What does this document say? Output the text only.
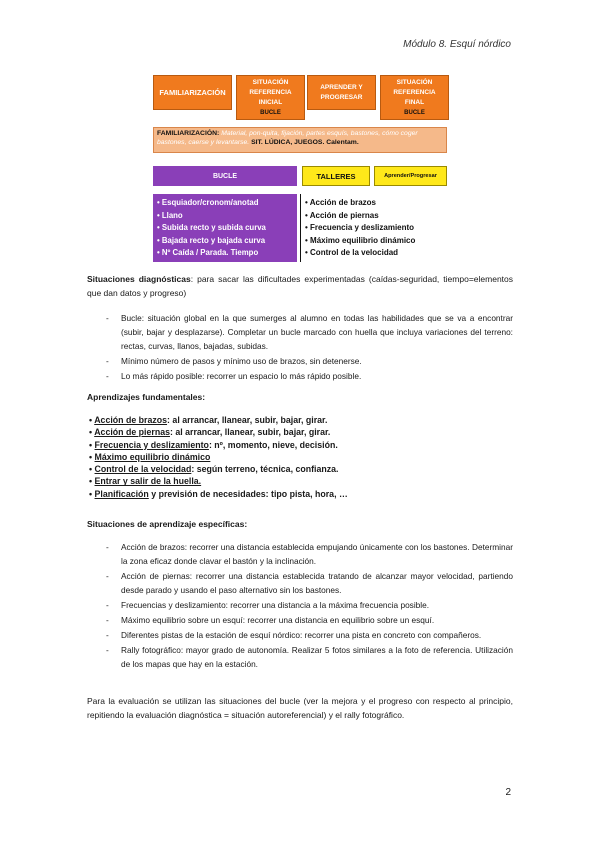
Módulo 8. Esquí nórdico
FAMILIARIZACIÓN
SITUACIÓN
REFERENCIA
INICIAL
BUCLE
APRENDER Y
PROGRESAR
SITUACIÓN
REFERENCIA
FINAL
BUCLE
FAMILIARIZACIÓN: Material, pon-quita, fijación, partes esquís, bastones, cómo coger bastones, caerse y levantarse. SIT. LÚDICA, JUEGOS. Calentam.
BUCLE	TALLERES	Aprender/Progresar
• Esquiador/cronom/anotad
• Llano
• Subida recto y subida curva
• Bajada recto y bajada curva
• Nº Caída / Parada. Tiempo
• Acción de brazos
• Acción de piernas
• Frecuencia y deslizamiento
• Máximo equilibrio dinámico
• Control de la velocidad
Situaciones diagnósticas: para sacar las dificultades experimentadas (caídas-seguridad, tiempo=elementos que dan datos y progreso)
- Bucle: situación global en la que sumerges al alumno en todas las habilidades que se va a encontrar (subir, bajar y desplazarse). Completar un bucle marcado con huella que incluya variaciones del terreno: rectas, curvas, llanos, bajadas, subidas.
- Mínimo número de pasos y mínimo uso de brazos, sin detenerse.
- Lo más rápido posible: recorrer un espacio lo más rápido posible.
Aprendizajes fundamentales:
• Acción de brazos: al arrancar, llanear, subir, bajar, girar.
• Acción de piernas: al arrancar, llanear, subir, bajar, girar.
• Frecuencia y deslizamiento: nº, momento, nieve, decisión.
• Máximo equilibrio dinámico
• Control de la velocidad: según terreno, técnica, confianza.
• Entrar y salir de la huella.
• Planificación y previsión de necesidades: tipo pista, hora, …
Situaciones de aprendizaje específicas:
- Acción de brazos: recorrer una distancia establecida empujando únicamente con los bastones. Determinar la zona eficaz donde clavar el bastón y la inclinación.
- Acción de piernas: recorrer una distancia establecida tratando de alcanzar mayor velocidad, partiendo desde parado y usando el paso alternativo sin los bastones.
- Frecuencias y deslizamiento: recorrer una distancia a la máxima frecuencia posible.
- Máximo equilibrio sobre un esquí: recorrer una distancia en equilibrio sobre un esquí.
- Diferentes pistas de la estación de esquí nórdico: recorrer una pista en concreto con compañeros.
- Rally fotográfico: mayor grado de autonomía. Realizar 5 fotos similares a la foto de referencia. Utilización de los mapas que hay en la estación.
Para la evaluación se utilizan las situaciones del bucle (ver la mejora y el progreso con respecto al principio, repitiendo la evaluación diagnóstica = situación autoreferencial) y el rally fotográfico.
2
